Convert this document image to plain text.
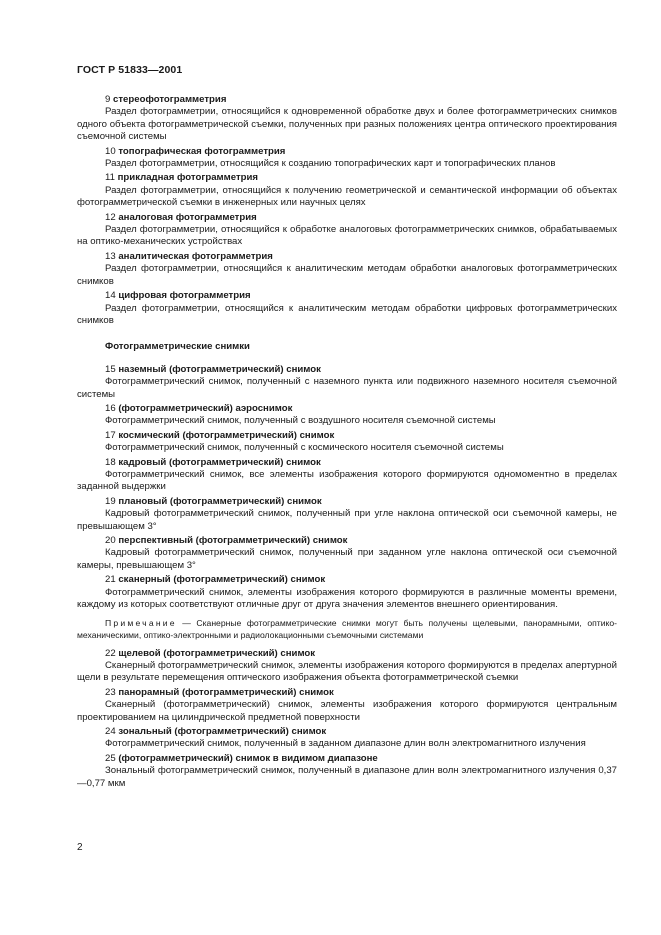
ГОСТ Р 51833—2001
9 стереофотограмметрия
Раздел фотограмметрии, относящийся к одновременной обработке двух и более фотограмметрических снимков одного объекта фотограмметрической съемки, полученных при разных положениях центра оптического проектирования съемочной системы
10 топографическая фотограмметрия
Раздел фотограмметрии, относящийся к созданию топографических карт и топографических планов
11 прикладная фотограмметрия
Раздел фотограмметрии, относящийся к получению геометрической и семантической информации об объектах фотограмметрической съемки в инженерных или научных целях
12 аналоговая фотограмметрия
Раздел фотограмметрии, относящийся к обработке аналоговых фотограмметрических снимков, обрабатываемых на оптико-механических устройствах
13 аналитическая фотограмметрия
Раздел фотограмметрии, относящийся к аналитическим методам обработки аналоговых фотограмметрических снимков
14 цифровая фотограмметрия
Раздел фотограмметрии, относящийся к аналитическим методам обработки цифровых фотограмметрических снимков
Фотограмметрические снимки
15 наземный (фотограмметрический) снимок
Фотограмметрический снимок, полученный с наземного пункта или подвижного наземного носителя съемочной системы
16 (фотограмметрический) аэроснимок
Фотограмметрический снимок, полученный с воздушного носителя съемочной системы
17 космический (фотограмметрический) снимок
Фотограмметрический снимок, полученный с космического носителя съемочной системы
18 кадровый (фотограмметрический) снимок
Фотограмметрический снимок, все элементы изображения которого формируются одномоментно в пределах заданной выдержки
19 плановый (фотограмметрический) снимок
Кадровый фотограмметрический снимок, полученный при угле наклона оптической оси съемочной камеры, не превышающем 3°
20 перспективный (фотограмметрический) снимок
Кадровый фотограмметрический снимок, полученный при заданном угле наклона оптической оси съемочной камеры, превышающем 3°
21 сканерный (фотограмметрический) снимок
Фотограмметрический снимок, элементы изображения которого формируются в различные моменты времени, каждому из которых соответствуют отличные друг от друга значения элементов внешнего ориентирования.
Примечание — Сканерные фотограмметрические снимки могут быть получены щелевыми, панорамными, оптико-механическими, оптико-электронными и радиолокационными съемочными системами
22 щелевой (фотограмметрический) снимок
Сканерный фотограмметрический снимок, элементы изображения которого формируются в пределах апертурной щели в результате перемещения оптического изображения объекта фотограмметрической съемки
23 панорамный (фотограмметрический) снимок
Сканерный (фотограмметрический) снимок, элементы изображения которого формируются центральным проектированием на цилиндрической предметной поверхности
24 зональный (фотограмметрический) снимок
Фотограмметрический снимок, полученный в заданном диапазоне длин волн электромагнитного излучения
25 (фотограмметрический) снимок в видимом диапазоне
Зональный фотограмметрический снимок, полученный в диапазоне длин волн электромагнитного излучения 0,37—0,77 мкм
2
